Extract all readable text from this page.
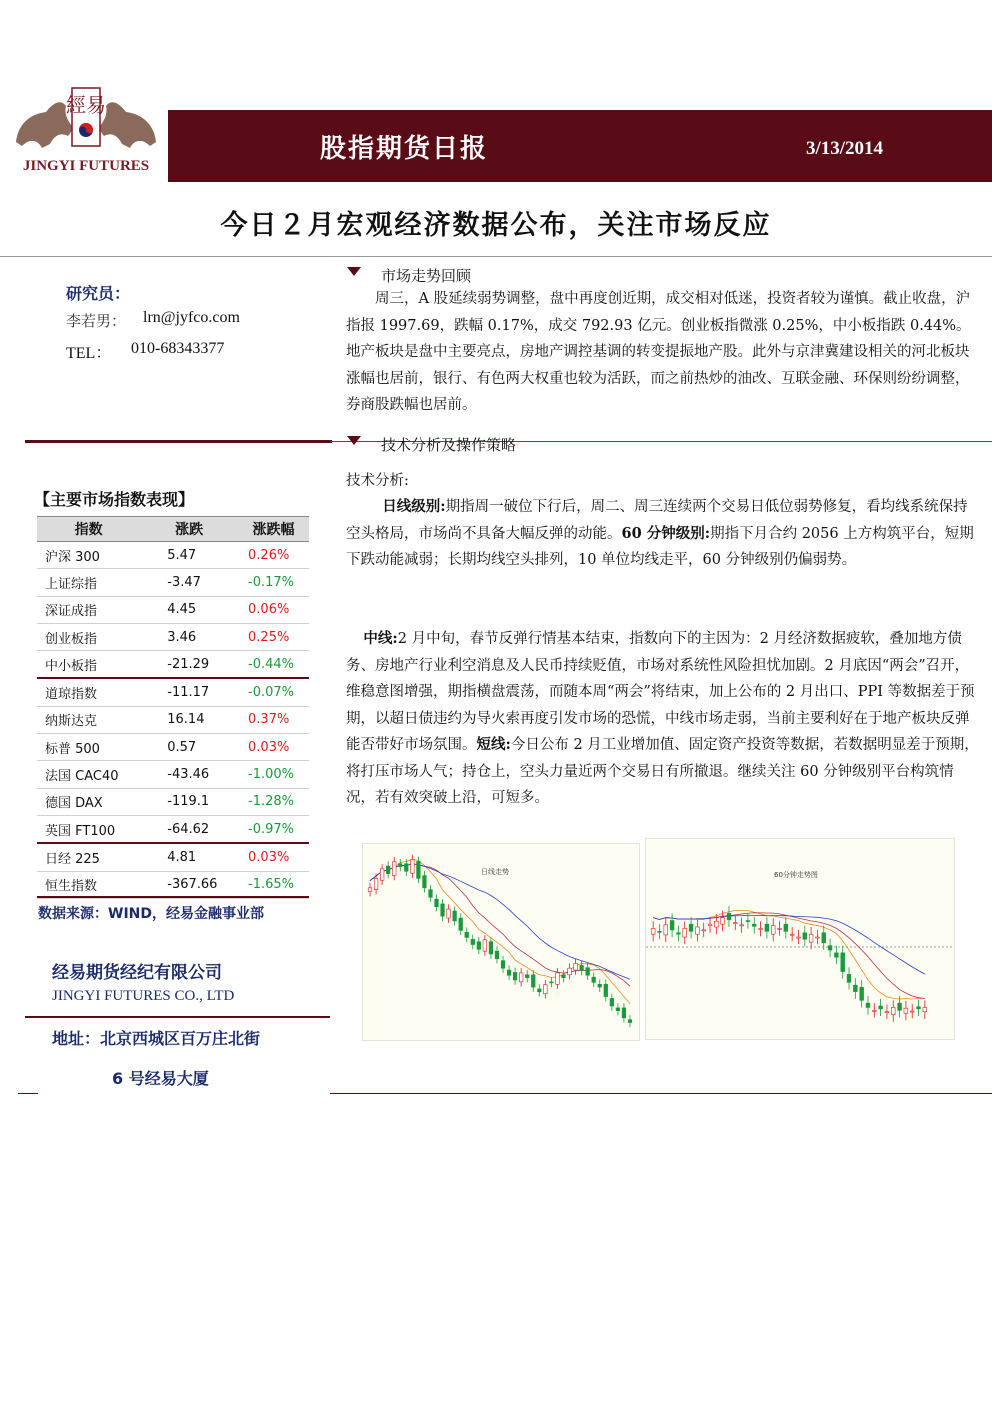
經易
JINGYI FUTURES
股指期货日报	3/13/2014
今日２月宏观经济数据公布，关注市场反应
研究员：
李若男： lrn@jyfco.com
TEL： 010-68343377
【主要市场指数表现】
指数	涨跌	涨跌幅
沪深 300	5.47	0.26%
上证综指	-3.47	-0.17%
深证成指	4.45	0.06%
创业板指	3.46	0.25%
中小板指	-21.29	-0.44%
道琼指数	-11.17	-0.07%
纳斯达克	16.14	0.37%
标普 500	0.57	0.03%
法国 CAC40	-43.46	-1.00%
德国 DAX	-119.1	-1.28%
英国 FT100	-64.62	-0.97%
日经 225	4.81	0.03%
恒生指数	-367.66	-1.65%
数据来源：WIND，经易金融事业部
经易期货经纪有限公司
JINGYI FUTURES CO., LTD
地址：北京西城区百万庄北街
6 号经易大厦
市场走势回顾
周三，A 股延续弱势调整，盘中再度创近期，成交相对低迷，投资者较为谨慎。截止收盘，沪指报 1997.69，跌幅 0.17%，成交 792.93 亿元。创业板指微涨 0.25%，中小板指跌 0.44%。地产板块是盘中主要亮点，房地产调控基调的转变提振地产股。此外与京津冀建设相关的河北板块涨幅也居前，银行、有色两大权重也较为活跃，而之前热炒的油改、互联金融、环保则纷纷调整，券商股跌幅也居前。
技术分析及操作策略
技术分析:
日线级别:期指周一破位下行后，周二、周三连续两个交易日低位弱势修复，看均线系统保持空头格局，市场尚不具备大幅反弹的动能。60 分钟级别:期指下月合约 2056 上方构筑平台，短期下跌动能减弱；长期均线空头排列，10 单位均线走平，60 分钟级别仍偏弱势。
中线:2 月中旬，春节反弹行情基本结束，指数向下的主因为：2 月经济数据疲软，叠加地方债务、房地产行业利空消息及人民币持续贬值，市场对系统性风险担忧加剧。2 月底因“两会”召开，维稳意图增强，期指横盘震荡，而随本周“两会”将结束，加上公布的 2 月出口、PPI 等数据差于预期，以超日债违约为导火索再度引发市场的恐慌，中线市场走弱，当前主要利好在于地产板块反弹能否带好市场氛围。短线:今日公布 2 月工业增加值、固定资产投资等数据，若数据明显差于预期，将打压市场人气；持仓上，空头力量近两个交易日有所撤退。继续关注 60 分钟级别平台构筑情况，若有效突破上沿，可短多。
日线走势	60分钟走势图
